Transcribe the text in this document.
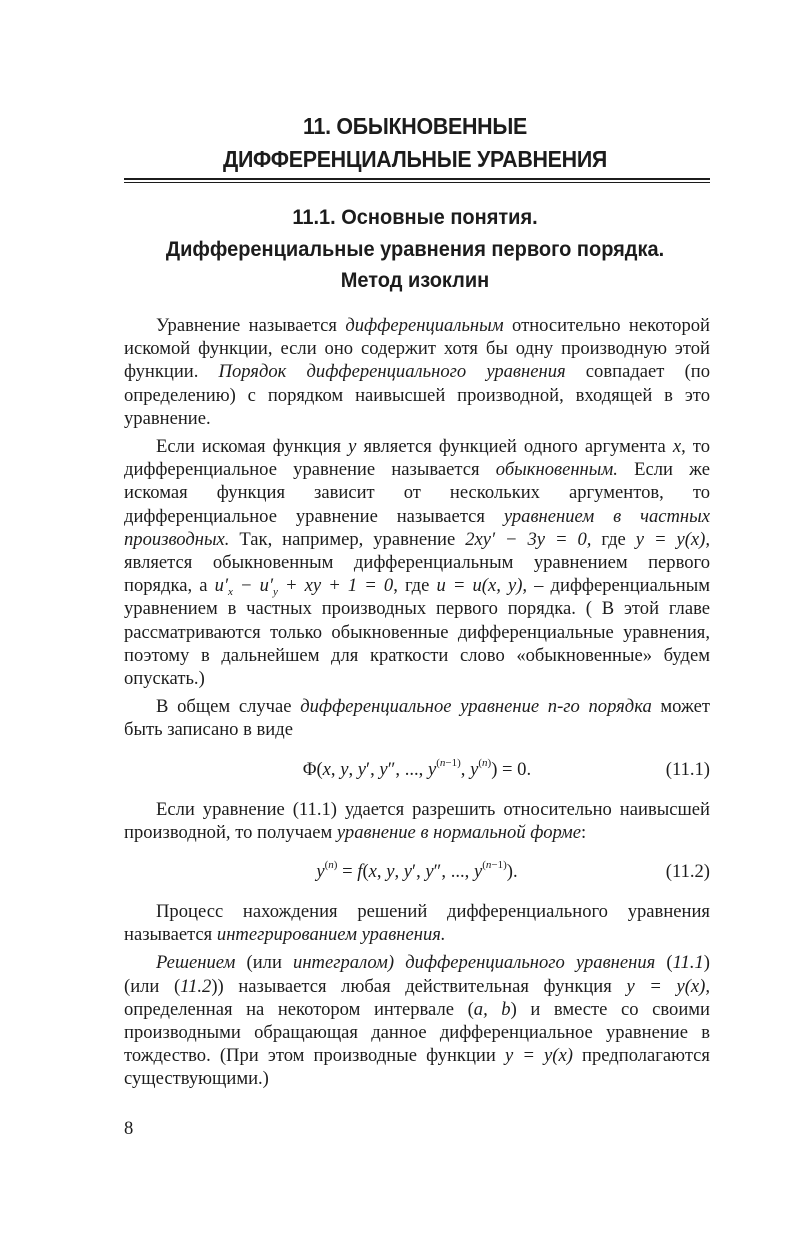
11. ОБЫКНОВЕННЫЕ
ДИФФЕРЕНЦИАЛЬНЫЕ УРАВНЕНИЯ
11.1. Основные понятия.
Дифференциальные уравнения первого порядка.
Метод изоклин

Уравнение называется дифференциальным относительно некоторой искомой функции, если оно содержит хотя бы одну производную этой функции. Порядок дифференциального уравнения совпадает (по определению) с порядком наивысшей производной, входящей в это уравнение.

Если искомая функция y является функцией одного аргумента x, то дифференциальное уравнение называется обыкновенным. Если же искомая функция зависит от нескольких аргументов, то дифференциальное уравнение называется уравнением в частных производных. Так, например, уравнение 2xy′ − 3y = 0, где y = y(x), является обыкновенным дифференциальным уравнением первого порядка, а $u'_x - u'_y$ + xy + 1 = 0, где u = u(x, y), – дифференциальным уравнением в частных производных первого порядка. ( В этой главе рассматриваются только обыкновенные дифференциальные уравнения, поэтому в дальнейшем для краткости слово «обыкновенные» будем опускать.)

В общем случае дифференциальное уравнение n-го порядка может быть записано в виде

Φ(x, y, y′, y″, ..., $y^{(n-1)}$, $y^{(n)}) = 0$.	(11.1)

Если уравнение (11.1) удается разрешить относительно наивысшей производной, то получаем уравнение в нормальной форме:

$y^{(n)} = f(x$, y, y′, y″, ..., $y^{(n-1)}$).	(11.2)

Процесс нахождения решений дифференциального уравнения называется интегрированием уравнения.

Решением (или интегралом) дифференциального уравнения (11.1) (или (11.2)) называется любая действительная функция y = y(x), определенная на некотором интервале (a, b) и вместе со своими производными обращающая данное дифференциальное уравнение в тождество. (При этом производные функции y = y(x) предполагаются существующими.)

8
